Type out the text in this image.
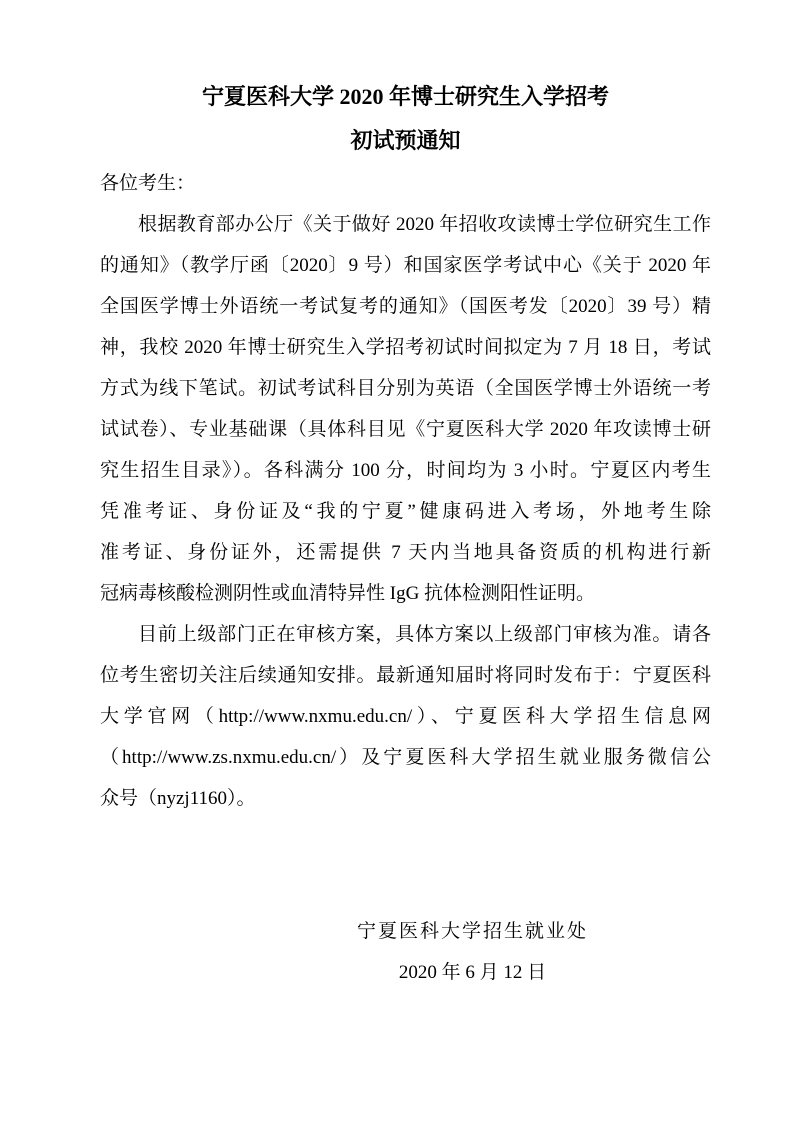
宁夏医科大学 2020 年博士研究生入学招考
初试预通知
各位考生：
根据教育部办公厅《关于做好 2020 年招收攻读博士学位研究生工作
的通知》（教学厅函〔2020〕9 号）和国家医学考试中心《关于 2020 年
全国医学博士外语统一考试复考的通知》（国医考发〔2020〕39 号）精
神，我校 2020 年博士研究生入学招考初试时间拟定为 7 月 18 日，考试
方式为线下笔试。初试考试科目分别为英语（全国医学博士外语统一考
试试卷）、专业基础课（具体科目见《宁夏医科大学 2020 年攻读博士研
究生招生目录》）。各科满分 100 分，时间均为 3 小时。宁夏区内考生
凭准考证、身份证及“我的宁夏”健康码进入考场，外地考生除
准考证、身份证外，还需提供 7 天内当地具备资质的机构进行新
冠病毒核酸检测阴性或血清特异性 IgG 抗体检测阳性证明。
目前上级部门正在审核方案，具体方案以上级部门审核为准。请各
位考生密切关注后续通知安排。最新通知届时将同时发布于：宁夏医科
大学官网（http://www.nxmu.edu.cn/）、宁夏医科大学招生信息网
（http://www.zs.nxmu.edu.cn/）及宁夏医科大学招生就业服务微信公
众号（nyzj1160）。
宁夏医科大学招生就业处
2020 年 6 月 12 日
